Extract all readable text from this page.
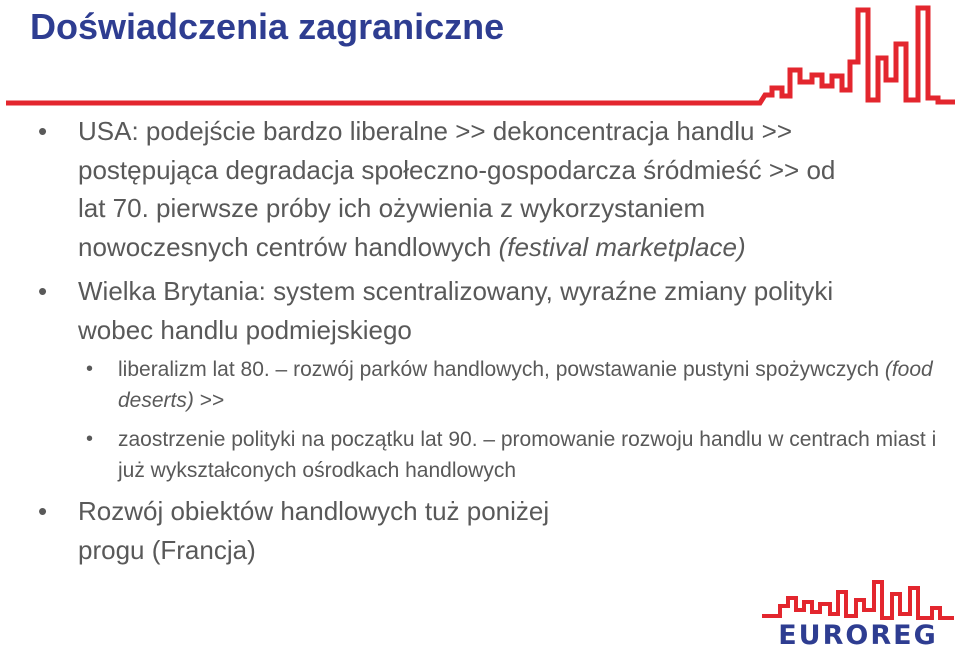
Doświadczenia zagraniczne
• USA: podejście bardzo liberalne >> dekoncentracja handlu >> postępująca degradacja społeczno-gospodarcza śródmieść >> od lat 70. pierwsze próby ich ożywienia z wykorzystaniem nowoczesnych centrów handlowych (festival marketplace)
• Wielka Brytania: system scentralizowany, wyraźne zmiany polityki wobec handlu podmiejskiego
• liberalizm lat 80. – rozwój parków handlowych, powstawanie pustyni spożywczych (food deserts) >>
• zaostrzenie polityki na początku lat 90. – promowanie rozwoju handlu w centrach miast i już wykształconych ośrodkach handlowych
• Rozwój obiektów handlowych tuż poniżej progu (Francja)
EUROREG
